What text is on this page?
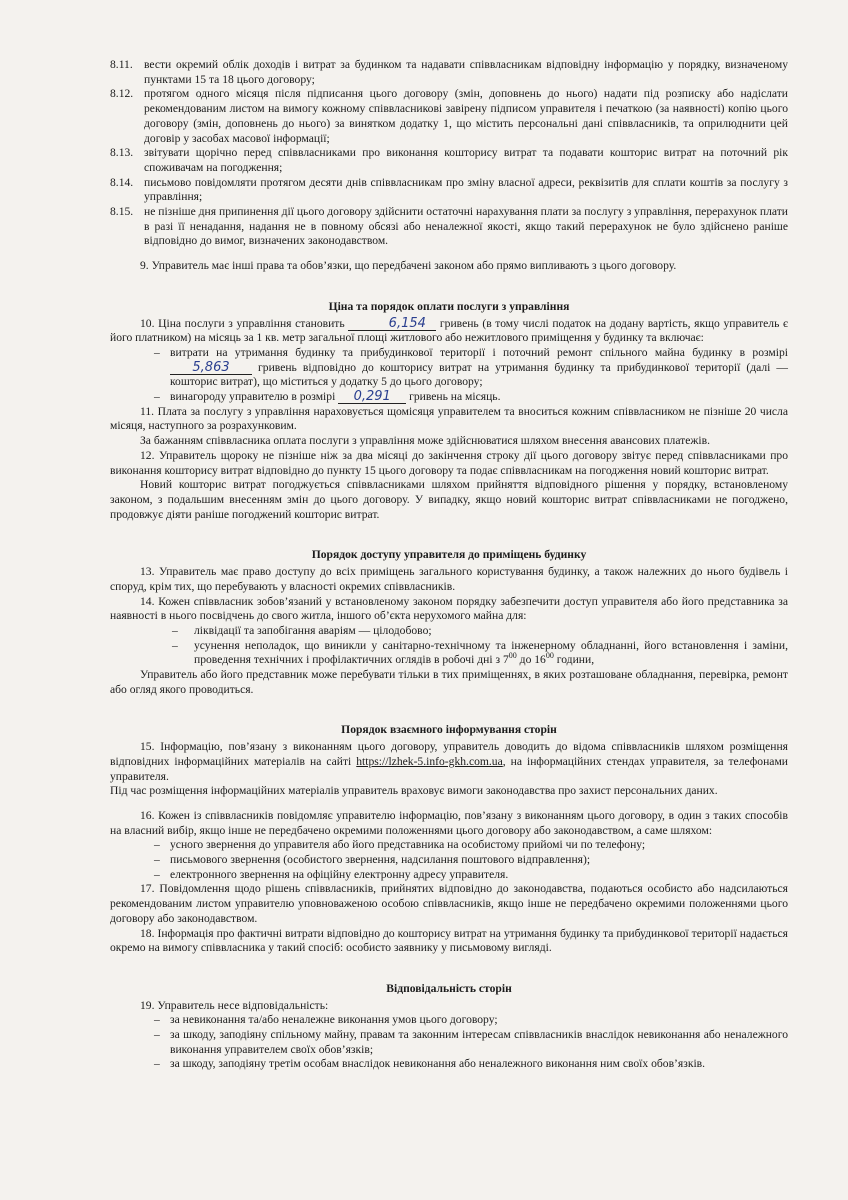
8.11. вести окремий облік доходів і витрат за будинком та надавати співвласникам відповідну інформацію у порядку, визначеному пунктами 15 та 18 цього договору;

8.12. протягом одного місяця після підписання цього договору (змін, доповнень до нього) надати під розписку або надіслати рекомендованим листом на вимогу кожному співвласникові завірену підписом управителя і печаткою (за наявності) копію цього договору (змін, доповнень до нього) за винятком додатку 1, що містить персональні дані співвласників, та оприлюднити цей договір у засобах масової інформації;

8.13. звітувати щорічно перед співвласниками про виконання кошторису витрат та подавати кошторис витрат на поточний рік споживачам на погодження;

8.14. письмово повідомляти протягом десяти днів співвласникам про зміну власної адреси, реквізитів для сплати коштів за послугу з управління;

8.15. не пізніше дня припинення дії цього договору здійснити остаточні нарахування плати за послугу з управління, перерахунок плати в разі її ненадання, надання не в повному обсязі або неналежної якості, якщо такий перерахунок не було здійснено раніше відповідно до вимог, визначених законодавством.

9. Управитель має інші права та обов’язки, що передбачені законом або прямо випливають з цього договору.

Ціна та порядок оплати послуги з управління

10. Ціна послуги з управління становить	6,154 гривень (в тому числі податок на додану вартість, якщо управитель є його платником) на місяць за 1 кв. метр загальної площі житлового або нежитлового приміщення у будинку та включає:

– витрати на утримання будинку та прибудинкової території і поточний ремонт спільного майна будинку в розмірі 5,863 гривень відповідно до кошторису витрат на утримання будинку та прибудинкової території (далі — кошторис витрат), що міститься у додатку 5 до цього договору;

– винагороду управителю в розмірі 0,291 гривень на місяць.

11. Плата за послугу з управління нараховується щомісяця управителем та вноситься кожним співвласником не пізніше 20 числа місяця, наступного за розрахунковим.

За бажанням співвласника оплата послуги з управління може здійснюватися шляхом внесення авансових платежів.

12. Управитель щороку не пізніше ніж за два місяці до закінчення строку дії цього договору звітує перед співвласниками про виконання кошторису витрат відповідно до пункту 15 цього договору та подає співвласникам на погодження новий кошторис витрат.

Новий кошторис витрат погоджується співвласниками шляхом прийняття відповідного рішення у порядку, встановленому законом, з подальшим внесенням змін до цього договору. У випадку, якщо новий кошторис витрат співвласниками не погоджено, продовжує діяти раніше погоджений кошторис витрат.

Порядок доступу управителя до приміщень будинку

13. Управитель має право доступу до всіх приміщень загального користування будинку, а також належних до нього будівель і споруд, крім тих, що перебувають у власності окремих співвласників.

14. Кожен співвласник зобов’язаний у встановленому законом порядку забезпечити доступ управителя або його представника за наявності в нього посвідчень до свого житла, іншого об’єкта нерухомого майна для:

– ліквідації та запобігання аваріям — цілодобово;

– усунення неполадок, що виникли у санітарно-технічному та інженерному обладнанні, його встановлення і заміни, проведення технічних і профілактичних оглядів в робочі дні з $7^{00}$ до $16^{00}$ години,

Управитель або його представник може перебувати тільки в тих приміщеннях, в яких розташоване обладнання, перевірка, ремонт або огляд якого проводиться.

Порядок взаємного інформування сторін

15. Інформацію, пов’язану з виконанням цього договору, управитель доводить до відома співвласників шляхом розміщення відповідних інформаційних матеріалів на сайті https://lzhek-5.info-gkh.com.ua, на інформаційних стендах управителя, за телефонами управителя.

Під час розміщення інформаційних матеріалів управитель враховує вимоги законодавства про захист персональних даних.

16. Кожен із співвласників повідомляє управителю інформацію, пов’язану з виконанням цього договору, в один з таких способів на власний вибір, якщо інше не передбачено окремими положеннями цього договору або законодавством, а саме шляхом:

– усного звернення до управителя або його представника на особистому прийомі чи по телефону;

– письмового звернення (особистого звернення, надсилання поштового відправлення);

– електронного звернення на офіційну електронну адресу управителя.

17. Повідомлення щодо рішень співвласників, прийнятих відповідно до законодавства, подаються особисто або надсилаються рекомендованим листом управителю уповноваженою особою співвласників, якщо інше не передбачено окремими положеннями цього договору або законодавством.

18. Інформація про фактичні витрати відповідно до кошторису витрат на утримання будинку та прибудинкової території надається окремо на вимогу співвласника у такий спосіб: особисто заявнику у письмовому вигляді.

Відповідальність сторін

19. Управитель несе відповідальність:

– за невиконання та/або неналежне виконання умов цього договору;

– за шкоду, заподіяну спільному майну, правам та законним інтересам співвласників внаслідок невиконання або неналежного виконання управителем своїх обов’язків;

– за шкоду, заподіяну третім особам внаслідок невиконання або неналежного виконання ним своїх обов’язків.
